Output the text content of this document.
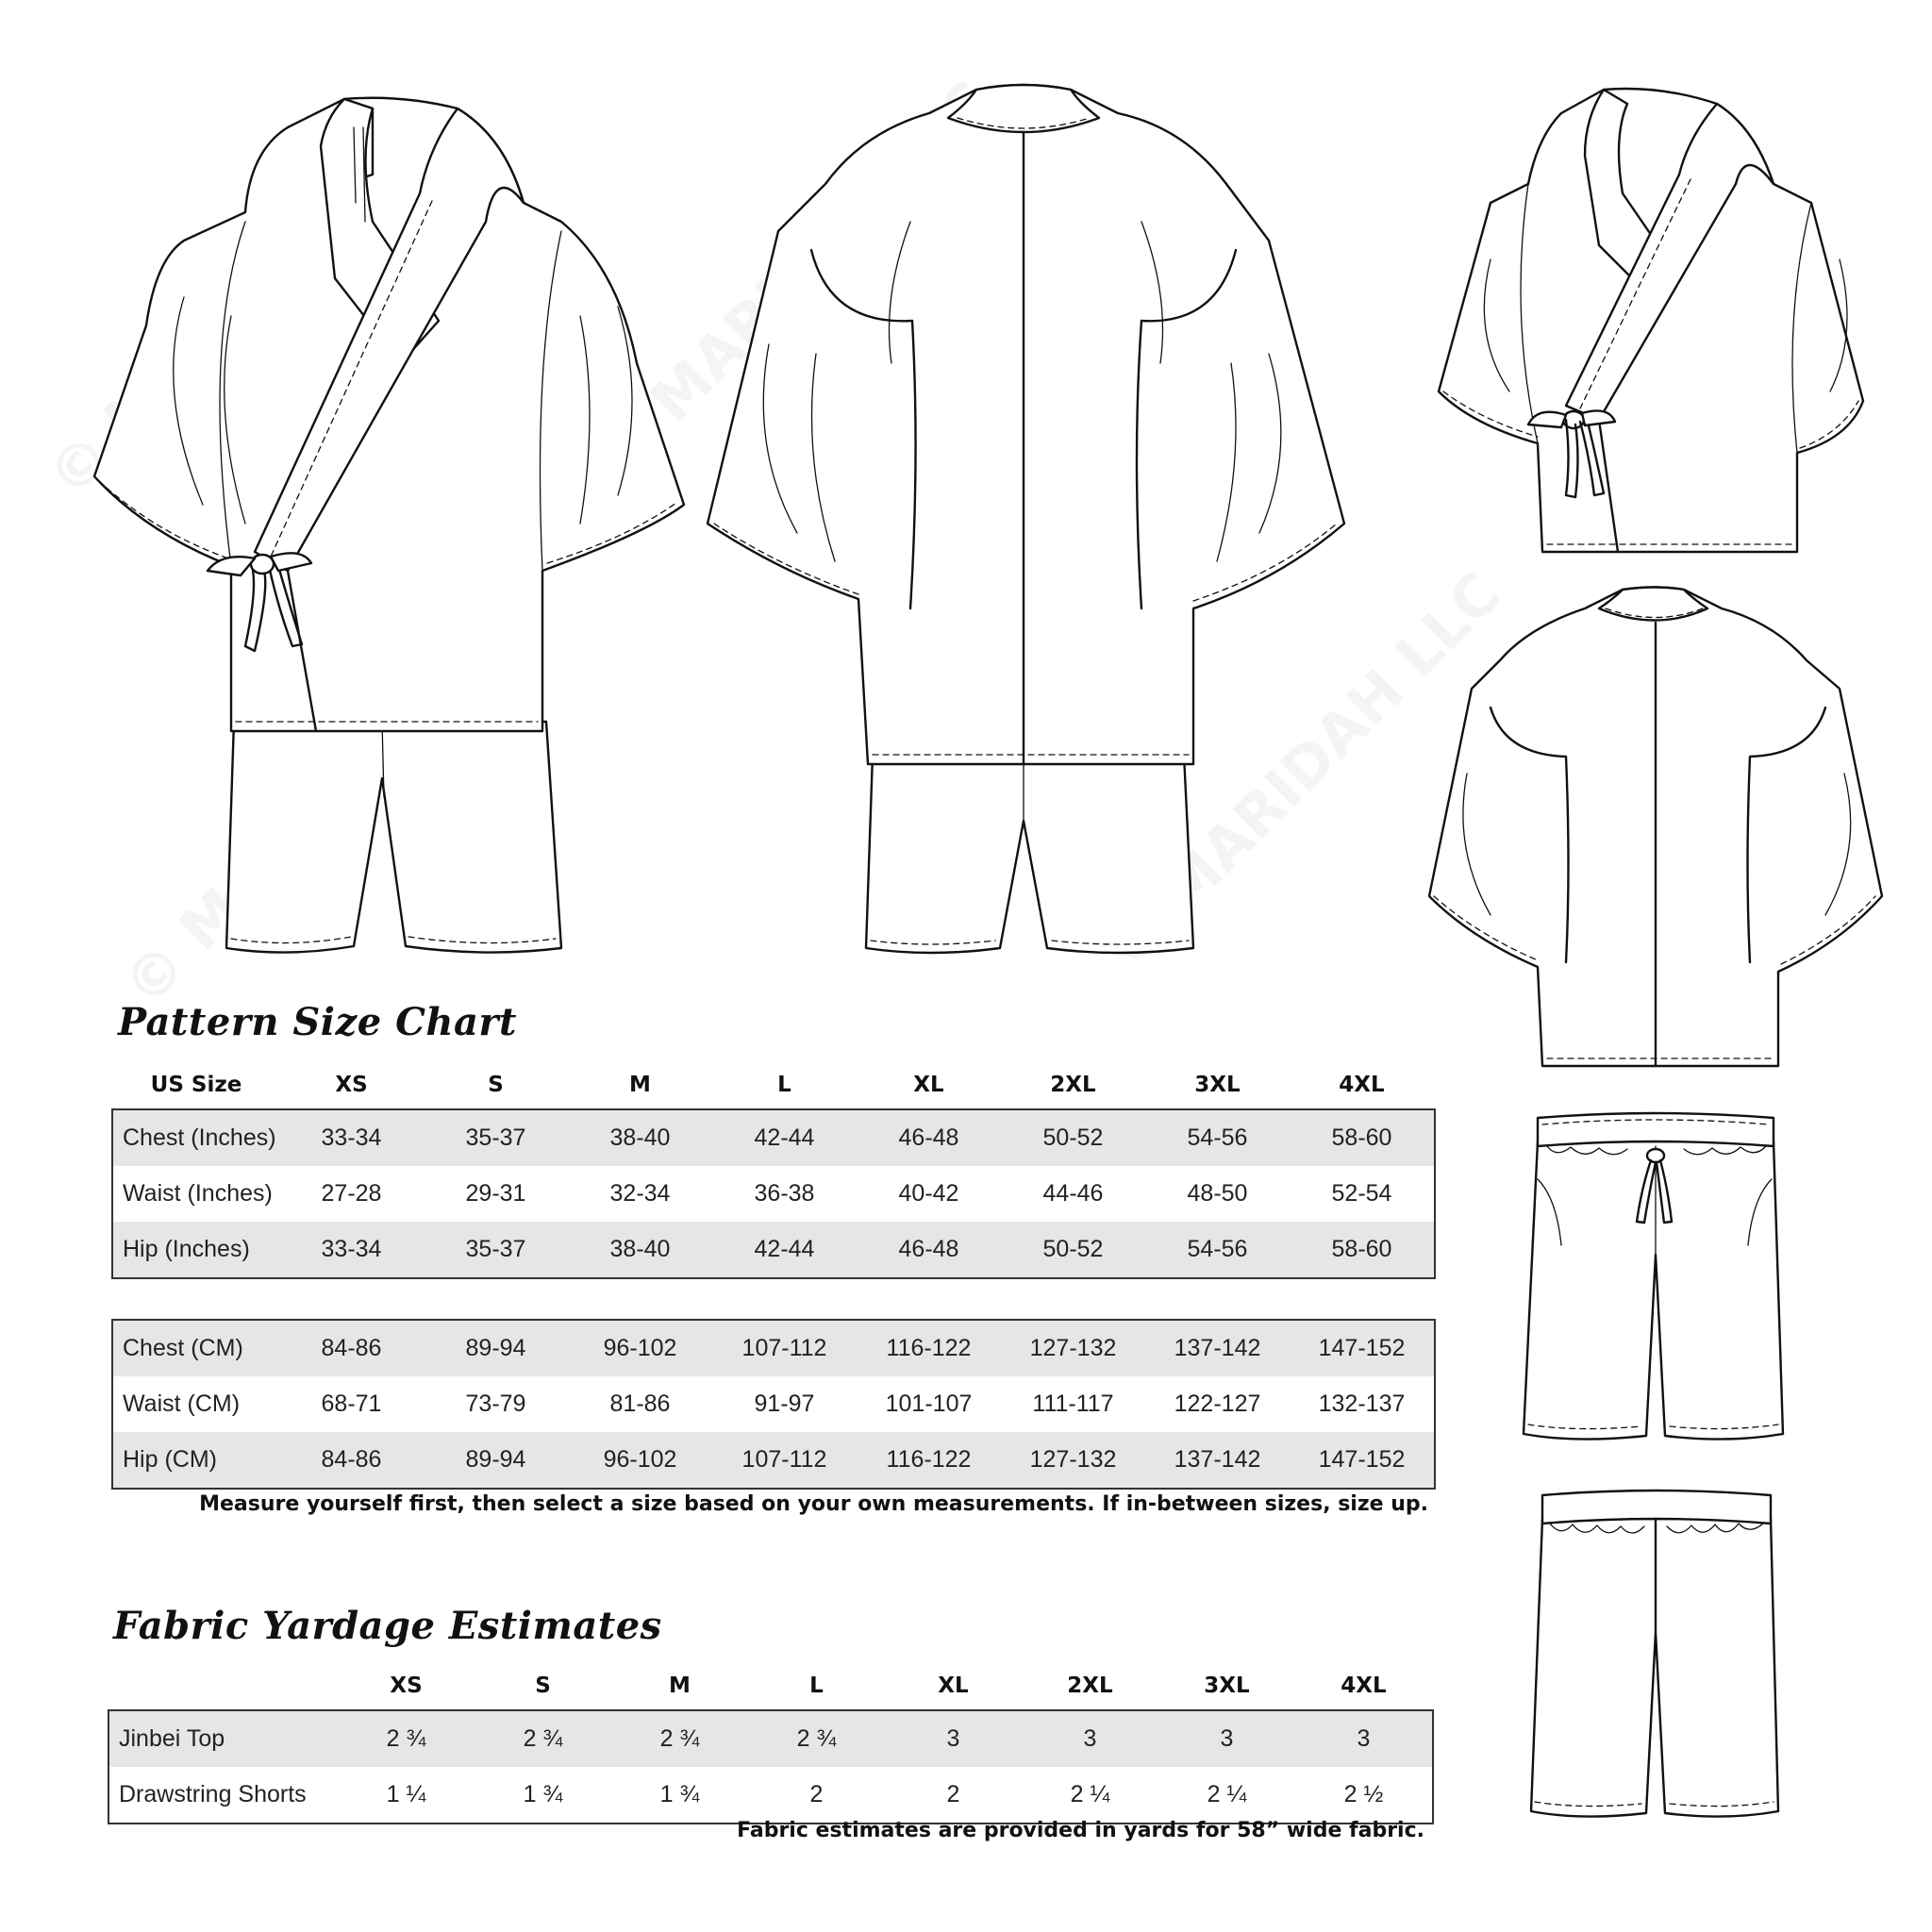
Pattern Size Chart
US Size	XS	S	M	L	XL	2XL	3XL	4XL
Chest (Inches)	33-34	35-37	38-40	42-44	46-48	50-52	54-56	58-60
Waist (Inches)	27-28	29-31	32-34	36-38	40-42	44-46	48-50	52-54
Hip (Inches)	33-34	35-37	38-40	42-44	46-48	50-52	54-56	58-60
Chest (CM)	84-86	89-94	96-102	107-112	116-122	127-132	137-142	147-152
Waist (CM)	68-71	73-79	81-86	91-97	101-107	111-117	122-127	132-137
Hip (CM)	84-86	89-94	96-102	107-112	116-122	127-132	137-142	147-152
Measure yourself first, then select a size based on your own measurements. If in-between sizes, size up.
Fabric Yardage Estimates
	XS	S	M	L	XL	2XL	3XL	4XL
Jinbei Top	2 ¾	2 ¾	2 ¾	2 ¾	3	3	3	3
Drawstring Shorts	1 ¼	1 ¾	1 ¾	2	2	2 ¼	2 ¼	2 ½
Fabric estimates are provided in yards for 58” wide fabric.
